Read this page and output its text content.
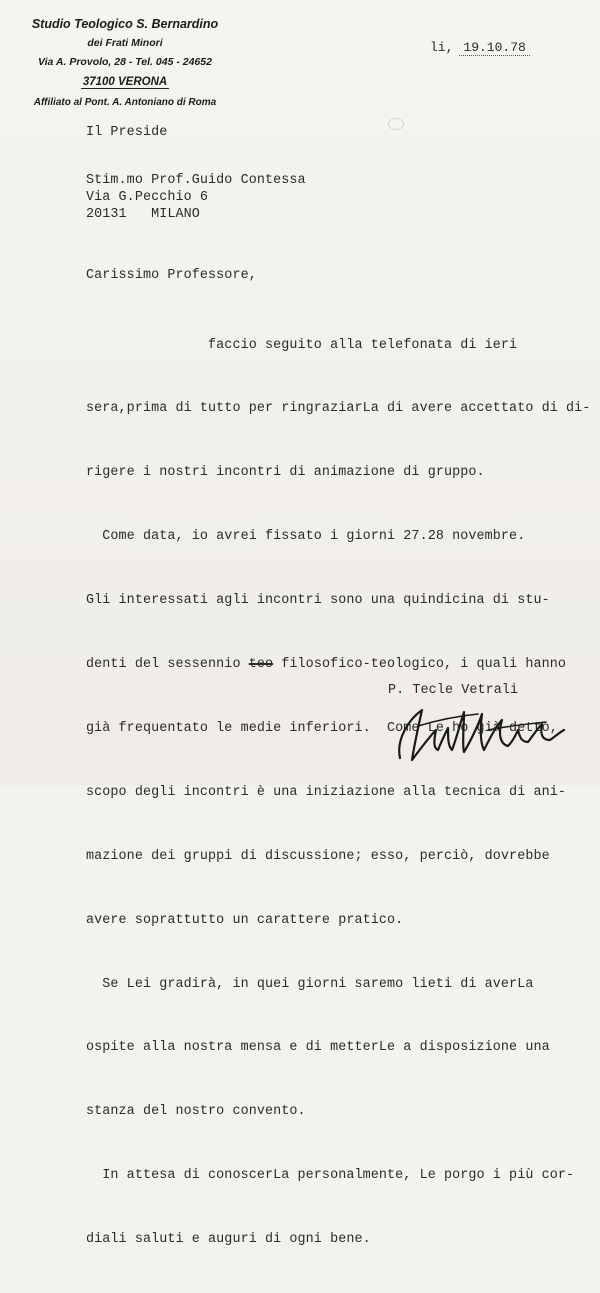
Studio Teologico S. Bernardino
dei Frati Minori
Via A. Provolo, 28 - Tel. 045 - 24652
37100 VERONA
Affiliato al Pont. A. Antoniano di Roma
li, 19.10.78
Il Preside
Stim.mo Prof.Guido Contessa
Via G.Pecchio 6
20131   MILANO
Carissimo Professore,

faccio seguito alla telefonata di ieri

sera,prima di tutto per ringraziarLa di avere accettato di di-

rigere i nostri incontri di animazione di gruppo.

Come data, io avrei fissato i giorni 27.28 novembre.

Gli interessati agli incontri sono una quindicina di stu-

denti del sessennio teo filosofico-teologico, i quali hanno

già frequentato le medie inferiori.  Come Le ho già detto,

scopo degli incontri è una iniziazione alla tecnica di ani-

mazione dei gruppi di discussione; esso, perciò, dovrebbe

avere soprattutto un carattere pratico.

Se Lei gradirà, in quei giorni saremo lieti di averLa

ospite alla nostra mensa e di metterLe a disposizione una

stanza del nostro convento.

In attesa di conoscerLa personalmente, Le porgo i più cor-

diali saluti e auguri di ogni bene.

P. Tecle Vetrali
